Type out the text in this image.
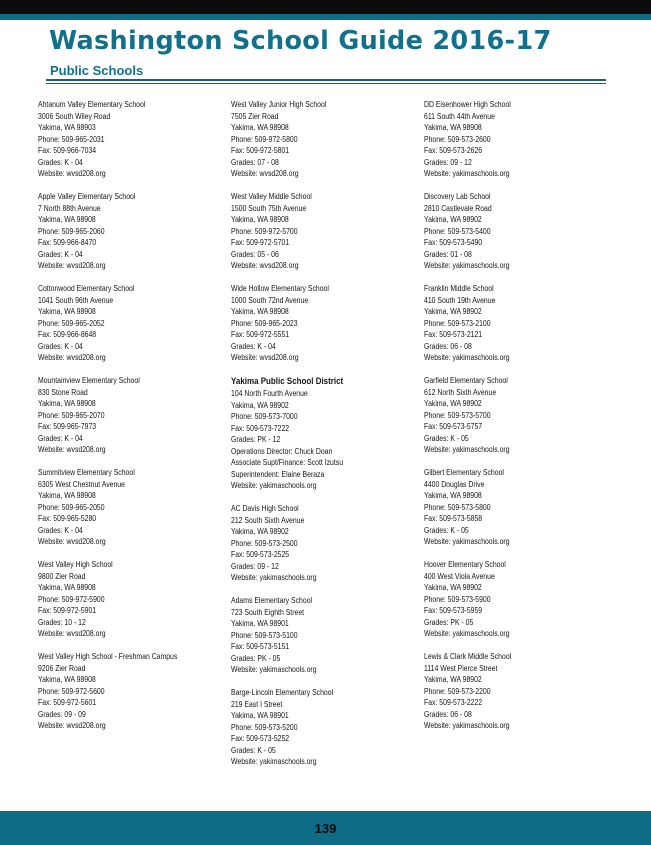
Washington School Guide 2016-17
Public Schools
Ahtanum Valley Elementary School
3006 South Wiley Road
Yakima, WA 98903
Phone: 509-965-2031
Fax: 509-966-7034
Grades: K - 04
Website: wvsd208.org
Apple Valley Elementary School
7 North 88th Avenue
Yakima, WA 98908
Phone: 509-965-2060
Fax: 509-966-8470
Grades: K - 04
Website: wvsd208.org
Cottonwood Elementary School
1041 South 96th Avenue
Yakima, WA 98908
Phone: 509-965-2052
Fax: 509-966-8648
Grades: K - 04
Website: wvsd208.org
Mountainview Elementary School
830 Stone Road
Yakima, WA 98908
Phone: 509-965-2070
Fax: 509-965-7973
Grades: K - 04
Website: wvsd208.org
Summitview Elementary School
6305 West Chestnut Avenue
Yakima, WA 98908
Phone: 509-965-2050
Fax: 509-965-5280
Grades: K - 04
Website: wvsd208.org
West Valley High School
9800 Zier Road
Yakima, WA 98908
Phone: 509-972-5900
Fax: 509-972-5901
Grades: 10 - 12
Website: wvsd208.org
West Valley High School - Freshman Campus
9206 Zier Road
Yakima, WA 98908
Phone: 509-972-5600
Fax: 509-972-5601
Grades: 09 - 09
Website: wvsd208.org
West Valley Junior High School
7505 Zier Road
Yakima, WA 98908
Phone: 509-972-5800
Fax: 509-972-5801
Grades: 07 - 08
Website: wvsd208.org
West Valley Middle School
1500 South 75th Avenue
Yakima, WA 98908
Phone: 509-972-5700
Fax: 509-972-5701
Grades: 05 - 06
Website: wvsd208.org
Wide Hollow Elementary School
1000 South 72nd Avenue
Yakima, WA 98908
Phone: 509-965-2023
Fax: 509-972-5551
Grades: K - 04
Website: wvsd208.org
Yakima Public School District
104 North Fourth Avenue
Yakima, WA 98902
Phone: 509-573-7000
Fax: 509-573-7222
Grades: PK - 12
Operations Director: Chuck Doan
Associate Supt/Finance: Scott Izutsu
Superintendent: Elaine Beraza
Website: yakimaschools.org
AC Davis High School
212 South Sixth Avenue
Yakima, WA 98902
Phone: 509-573-2500
Fax: 509-573-2525
Grades: 09 - 12
Website: yakimaschools.org
Adams Elementary School
723 South Eighth Street
Yakima, WA 98901
Phone: 509-573-5100
Fax: 509-573-5151
Grades: PK - 05
Website: yakimaschools.org
Barge-Lincoln Elementary School
219 East I Street
Yakima, WA 98901
Phone: 509-573-5200
Fax: 509-573-5252
Grades: K - 05
Website: yakimaschools.org
DD Eisenhower High School
611 South 44th Avenue
Yakima, WA 98908
Phone: 509-573-2600
Fax: 509-573-2626
Grades: 09 - 12
Website: yakimaschools.org
Discovery Lab School
2810 Castlevale Road
Yakima, WA 98902
Phone: 509-573-5400
Fax: 509-573-5490
Grades: 01 - 08
Website: yakimaschools.org
Franklin Middle School
410 South 19th Avenue
Yakima, WA 98902
Phone: 509-573-2100
Fax: 509-573-2121
Grades: 06 - 08
Website: yakimaschools.org
Garfield Elementary School
612 North Sixth Avenue
Yakima, WA 98902
Phone: 509-573-5700
Fax: 509-573-5757
Grades: K - 05
Website: yakimaschools.org
Gilbert Elementary School
4400 Douglas Drive
Yakima, WA 98908
Phone: 509-573-5800
Fax: 509-573-5858
Grades: K - 05
Website: yakimaschools.org
Hoover Elementary School
400 West Viola Avenue
Yakima, WA 98902
Phone: 509-573-5900
Fax: 509-573-5959
Grades: PK - 05
Website: yakimaschools.org
Lewis & Clark Middle School
1114 West Pierce Street
Yakima, WA 98902
Phone: 509-573-2200
Fax: 509-573-2222
Grades: 06 - 08
Website: yakimaschools.org
139
